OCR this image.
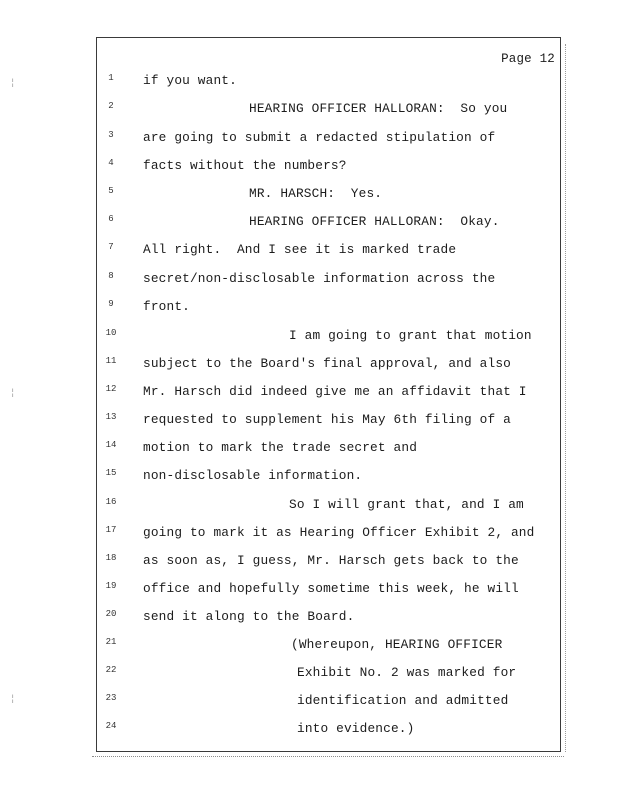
¦
¦
¦
Page 12
1	if you want.
2	HEARING OFFICER HALLORAN:  So you
3	are going to submit a redacted stipulation of
4	facts without the numbers?
5	MR. HARSCH:  Yes.
6	HEARING OFFICER HALLORAN:  Okay.
7	All right.  And I see it is marked trade
8	secret/non-disclosable information across the
9	front.
10	I am going to grant that motion
11	subject to the Board's final approval, and also
12	Mr. Harsch did indeed give me an affidavit that I
13	requested to supplement his May 6th filing of a
14	motion to mark the trade secret and
15	non-disclosable information.
16	So I will grant that, and I am
17	going to mark it as Hearing Officer Exhibit 2, and
18	as soon as, I guess, Mr. Harsch gets back to the
19	office and hopefully sometime this week, he will
20	send it along to the Board.
21	(Whereupon, HEARING OFFICER
22	Exhibit No. 2 was marked for
23	identification and admitted
24	into evidence.)
